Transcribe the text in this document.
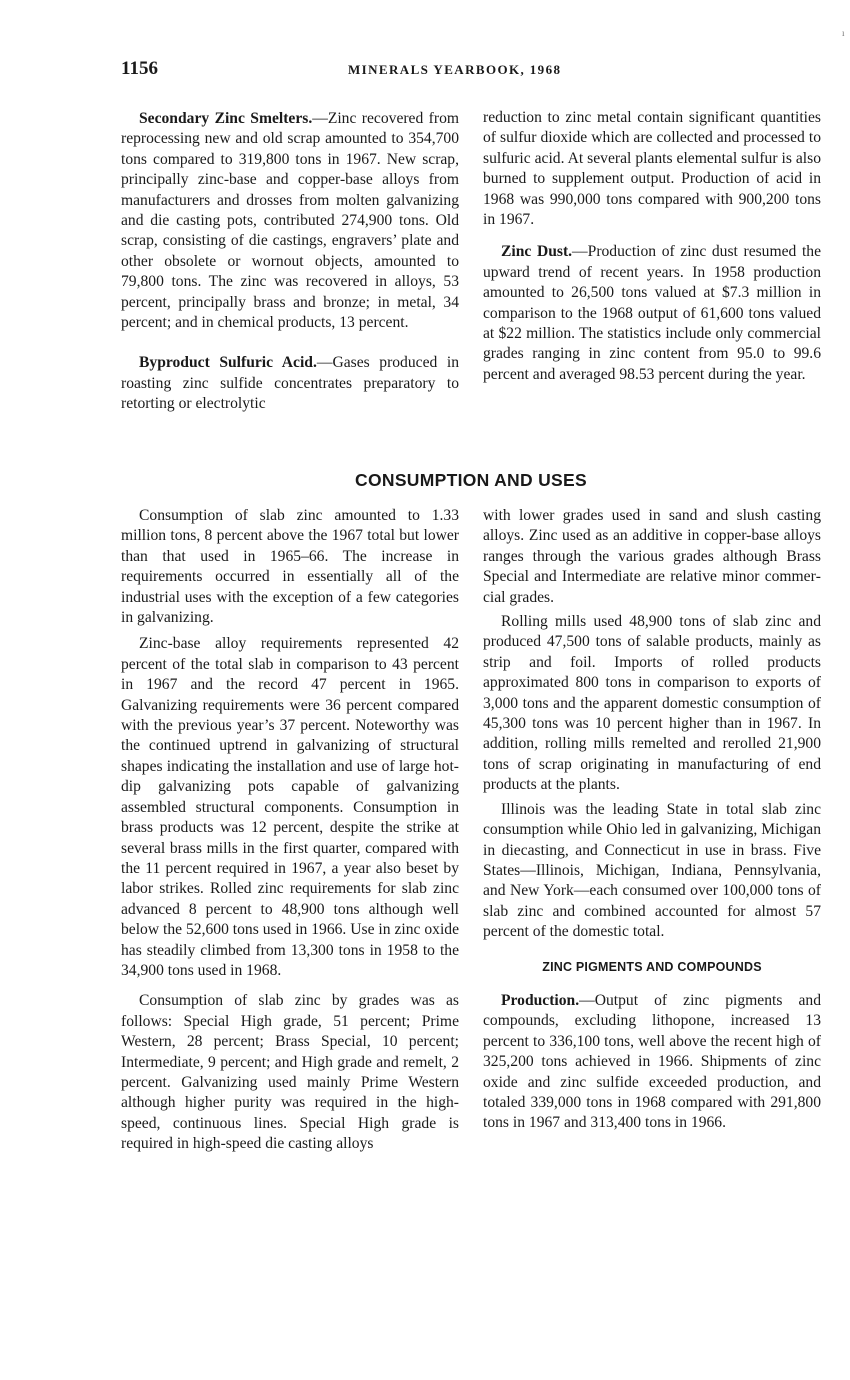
ı
1156	MINERALS YEARBOOK, 1968

Secondary Zinc Smelters.—Zinc recovered from reprocessing new and old scrap amounted to 354,700 tons compared to 319,800 tons in 1967. New scrap, principally zinc-base and copper-base alloys from manufacturers and drosses from molten galvanizing and die casting pots, contributed 274,900 tons. Old scrap, consisting of die castings, engravers’ plate and other obsolete or wornout objects, amounted to 79,800 tons. The zinc was recovered in alloys, 53 percent, principally brass and bronze; in metal, 34 percent; and in chemical products, 13 percent.

Byproduct Sulfuric Acid.—Gases produced in roasting zinc sulfide concentrates preparatory to retorting or electrolytic

reduction to zinc metal contain significant quantities of sulfur dioxide which are collected and processed to sulfuric acid. At several plants elemental sulfur is also burned to supplement output. Production of acid in 1968 was 990,000 tons compared with 900,200 tons in 1967.

Zinc Dust.—Production of zinc dust resumed the upward trend of recent years. In 1958 production amounted to 26,500 tons valued at $7.3 million in comparison to the 1968 output of 61,600 tons valued at $22 million. The statistics include only commercial grades ranging in zinc content from 95.0 to 99.6 percent and averaged 98.53 percent during the year.

CONSUMPTION AND USES

Consumption of slab zinc amounted to 1.33 million tons, 8 percent above the 1967 total but lower than that used in 1965–66. The increase in requirements occurred in essentially all of the industrial uses with the exception of a few categories in galvanizing.

Zinc-base alloy requirements represented 42 percent of the total slab in comparison to 43 percent in 1967 and the record 47 percent in 1965. Galvanizing requirements were 36 percent compared with the previous year’s 37 percent. Noteworthy was the continued uptrend in galvanizing of structural shapes indicating the installation and use of large hot-dip galvanizing pots capable of galvanizing assembled structural components. Consumption in brass products was 12 percent, despite the strike at several brass mills in the first quarter, compared with the 11 percent required in 1967, a year also beset by labor strikes. Rolled zinc requirements for slab zinc advanced 8 percent to 48,900 tons although well below the 52,600 tons used in 1966. Use in zinc oxide has steadily climbed from 13,300 tons in 1958 to the 34,900 tons used in 1968.

Consumption of slab zinc by grades was as follows: Special High grade, 51 percent; Prime Western, 28 percent; Brass Special, 10 percent; Intermediate, 9 percent; and High grade and remelt, 2 percent. Galvanizing used mainly Prime Western although higher purity was required in the high-speed, continuous lines. Special High grade is required in high-speed die casting alloys

with lower grades used in sand and slush casting alloys. Zinc used as an additive in copper-base alloys ranges through the various grades although Brass Special and Intermediate are relative minor commercial grades.

Rolling mills used 48,900 tons of slab zinc and produced 47,500 tons of salable products, mainly as strip and foil. Imports of rolled products approximated 800 tons in comparison to exports of 3,000 tons and the apparent domestic consumption of 45,300 tons was 10 percent higher than in 1967. In addition, rolling mills remelted and rerolled 21,900 tons of scrap originating in manufacturing of end products at the plants.

Illinois was the leading State in total slab zinc consumption while Ohio led in galvanizing, Michigan in diecasting, and Connecticut in use in brass. Five States—Illinois, Michigan, Indiana, Pennsylvania, and New York—each consumed over 100,000 tons of slab zinc and combined accounted for almost 57 percent of the domestic total.

ZINC PIGMENTS AND COMPOUNDS

Production.—Output of zinc pigments and compounds, excluding lithopone, increased 13 percent to 336,100 tons, well above the recent high of 325,200 tons achieved in 1966. Shipments of zinc oxide and zinc sulfide exceeded production, and totaled 339,000 tons in 1968 compared with 291,800 tons in 1967 and 313,400 tons in 1966.
